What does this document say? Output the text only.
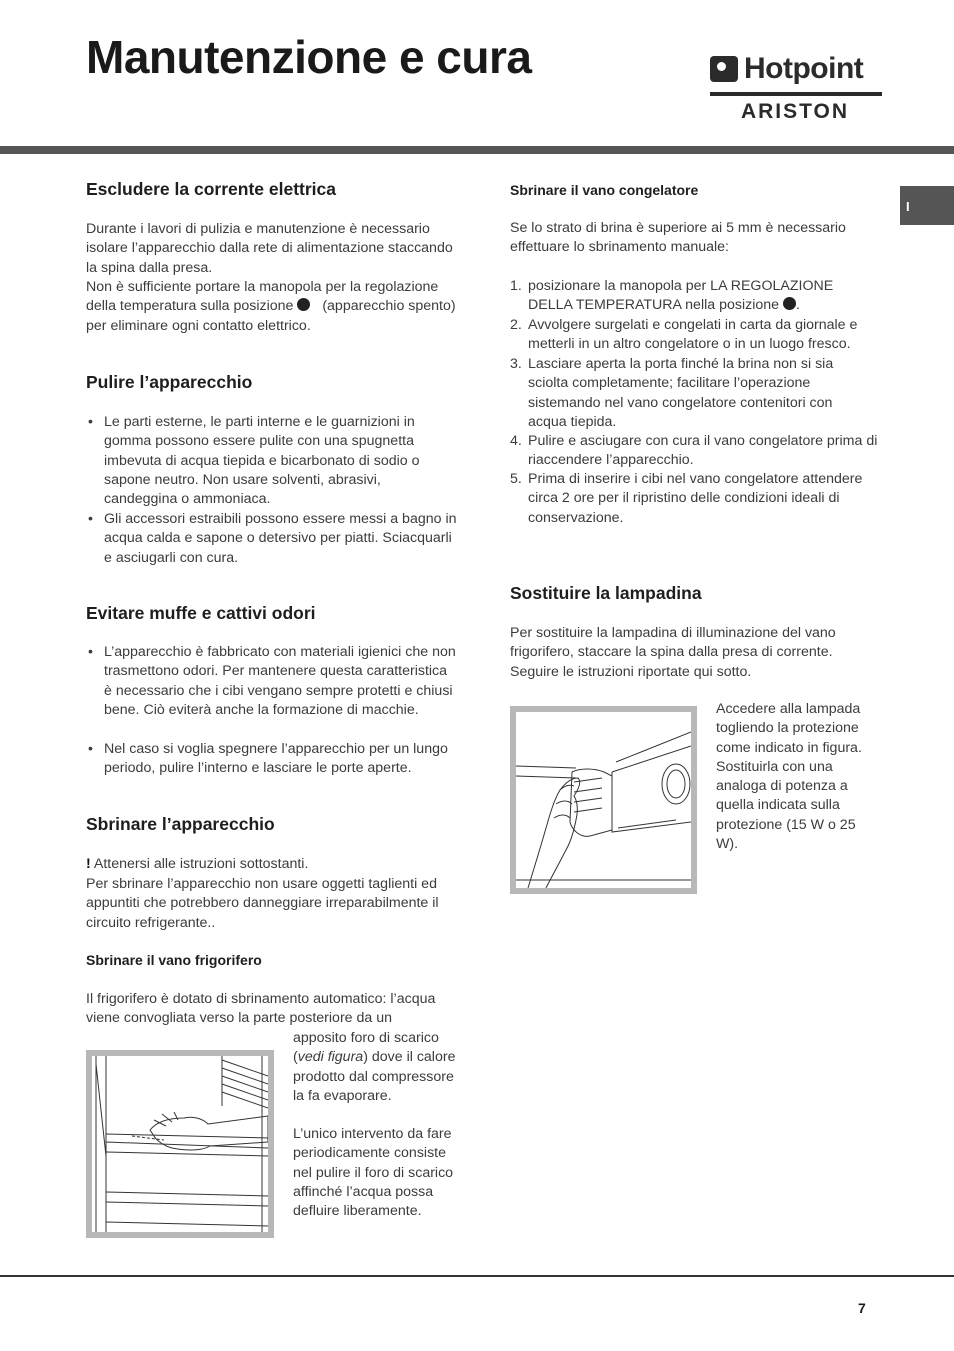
Manutenzione e cura	Hotpoint
ARISTON
I
Escludere la corrente elettrica

Durante i lavori di pulizia e manutenzione è necessario isolare l’apparecchio dalla rete di alimentazione staccando la spina dalla presa.

Non è sufficiente portare la manopola per la regolazione della temperatura sulla posizione (apparecchio spento) per eliminare ogni contatto elettrico.

Pulire l’apparecchio

• Le parti esterne, le parti interne e le guarnizioni in gomma possono essere pulite con una spugnetta imbevuta di acqua tiepida e bicarbonato di sodio o sapone neutro. Non usare solventi, abrasivi, candeggina o ammoniaca.

• Gli accessori estraibili possono essere messi a bagno in acqua calda e sapone o detersivo per piatti. Sciacquarli e asciugarli con cura.

Evitare muffe e cattivi odori

• L’apparecchio è fabbricato con materiali igienici che non trasmettono odori. Per mantenere questa caratteristica è necessario che i cibi vengano sempre protetti e chiusi bene. Ciò eviterà anche la formazione di macchie.

• Nel caso si voglia spegnere l’apparecchio per un lungo periodo, pulire l’interno e lasciare le porte aperte.

Sbrinare l’apparecchio

! Attenersi alle istruzioni sottostanti.

Per sbrinare l’apparecchio non usare oggetti taglienti ed appuntiti che potrebbero danneggiare irreparabilmente il circuito refrigerante..

Sbrinare il vano frigorifero

Il frigorifero è dotato di sbrinamento automatico: l’acqua viene convogliata verso la parte posteriore da un

apposito foro di scarico (vedi figura) dove il calore prodotto dal compressore la fa evaporare.

L’unico intervento da fare periodicamente consiste nel pulire il foro di scarico affinché l’acqua possa defluire liberamente.

Sbrinare il vano congelatore

Se lo strato di brina è superiore ai 5 mm è necessario effettuare lo sbrinamento manuale:

1. posizionare la manopola per LA REGOLAZIONE DELLA TEMPERATURA nella posizione .

2. Avvolgere surgelati e congelati in carta da giornale e metterli in un altro congelatore o in un luogo fresco.

3. Lasciare aperta la porta finché la brina non si sia sciolta completamente; facilitare l’operazione sistemando nel vano congelatore contenitori con acqua tiepida.

4. Pulire e asciugare con cura il vano congelatore prima di riaccendere l’apparecchio.

5. Prima di inserire i cibi nel vano congelatore attendere circa 2 ore per il ripristino delle condizioni ideali di conservazione.

Sostituire la lampadina

Per sostituire la lampadina di illuminazione del vano frigorifero, staccare la spina dalla presa di corrente. Seguire le istruzioni riportate qui sotto.

Accedere alla lampada togliendo la protezione come indicato in figura. Sostituirla con una analoga di potenza a quella indicata sulla protezione (15 W o 25 W).

7
